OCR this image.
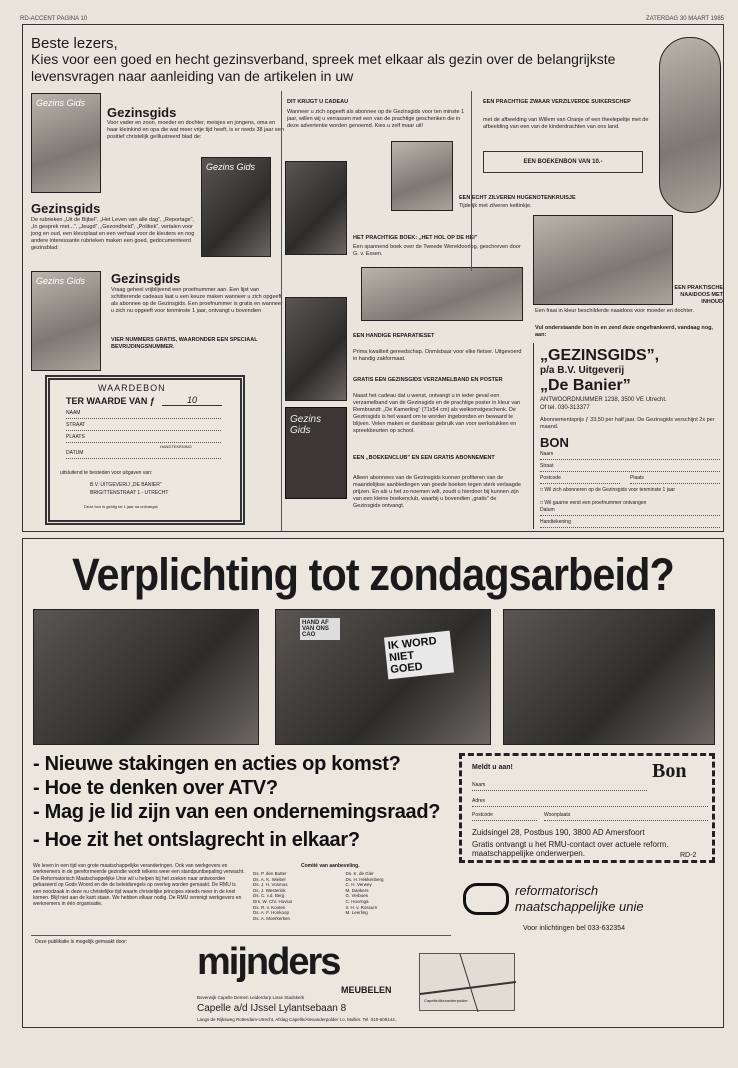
RD-ACCENT PAGINA 10	ZATERDAG 30 MAART 1985
Beste lezers,
Kies voor een goed en hecht gezinsverband, spreek met elkaar als gezin over de belangrijkste
levensvragen naar aanleiding van de artikelen in uw
Gezins Gids
Gezinsgids
Voor vader en zoon, moeder en dochter, meisjes en jongens, oma en haar kleinkind en opa die wat meer vrije tijd heeft, is er reeds 38 jaar een positief christelijk geïllustreerd blad de:
Gezins Gids
Gezinsgids
De rubrieken „Uit de Bijbel”, „Het Leven van alle dag”, „Reportage”, „In gesprek met...”, „Jeugd”, „Gezondheid”, „Politiek”, vertalen voor jong en oud, een kleurplaat en een verhaal voor de kleuters en nog andere interessante rubrieken maken een goed, gedocumenteerd gezinsblad:
Gezins Gids	Gezinsgids
Vraag geheel vrijblijvend een proefnummer aan. Een lijst van schitterende cadeaus laat u een keuze maken wanneer u zich opgeeft als abonnee op de Gezinsgids. Een proefnummer is gratis en wanneer u zich nu opgeeft voor tenminste 1 jaar, ontvangt u bovendien
VIER NUMMERS GRATIS, WAARONDER EEN SPECIAAL BEVRIJDINGSNUMMER.
WAARDEBON
TER WAARDE VAN ƒ	10
NAAM
STRAAT
PLAATS
HANDTEKENING
DATUM
uitsluitend te besteden voor uitgaven van:
B.V. UITGEVERIJ „DE BANIER”
BRIGITTENSTRAAT 1 - UTRECHT
Deze bon is geldig tot 1 jaar na ontvangst
DIT KRIJGT U CADEAU
Wanneer u zich opgeeft als abonnee op de Gezinsgids voor ten minste 1 jaar, willen wij u verrassen met een van de prachtige geschenken die in deze advertentie worden genoemd. Kies u zelf maar uit!
EEN ECHT ZILVEREN HUGENOTENKRUISJE
Tijdelijk met zilveren kettinkje.
HET PRACHTIGE BOEK: „HET HOL OP DE HEI”
Een spannend boek over de Tweede Wereldoorlog, geschreven door G. v. Essen.
EEN HANDIGE REPARATIESET
Prima kwaliteit gereedschap. Onmisbaar voor elke fietser. Uitgevoerd in handig zakformaat.
GRATIS EEN GEZINSGIDS VERZAMELBAND EN POSTER
Naast het cadeau dat u wenst, ontvangt u in ieder geval een verzamelband van de Gezinsgids en de prachtige poster in kleur van Rembrandt: „De Kamerling” (71x54 cm) als welkomstgeschenk. De Gezinsgids is het waard om te worden ingebonden en bewaard te blijven. Velen maken er dankbaar gebruik van voor werkstukken en spreekbeurten op school.
Gezins Gids
EEN „BOEKENCLUB” EN EEN GRATIS ABONNEMENT
Alleen abonnees van de Gezinsgids kunnen profiteren van de maandelijkse aanbiedingen van goede boeken tegen sterk verlaagde prijzen. En als u het zo noemen wilt, zoudt u hierdoor bij kunnen zijn van een kleine boekenclub, waarbij u bovendien „gratis” de Gezinsgids ontvangt.
EEN PRACHTIGE ZWAAR VERZILVERDE SUIKERSCHEP
met de afbeelding van Willem van Oranje of een theelepeltje met de afbeelding van een van de kinderdrachten van ons land.
EEN BOEKENBON VAN 10.-
EEN PRAKTISCHE NAAIDOOS MET INHOUD
Een fraai in kleur beschilderde naaidoos voor moeder en dochter.
Vul onderstaande bon in en zend deze ongefrankeerd, vandaag nog, aan:
„GEZINSGIDS”,
p/a B.V. Uitgeverij
„De Banier”
ANTWOORDNUMMER 1238, 3500 VE Utrecht.
Of tel. 030-313377
Abonnementsprijs ƒ 33,50 per half jaar. De Gezinsgids verschijnt 2x per maand.
BON
Naam
Straat
Postcode	Plaats
□ Wil zich abonneren op de Gezinsgids voor tenminste 1 jaar
□ Wil gaarne eerst een proefnummer ontvangen
Datum
Handtekening
Verplichting tot zondagsarbeid?
HAND AF VAN ONS CAO
IK WORD NIET GOED
- Nieuwe stakingen en acties op komst?
- Hoe te denken over ATV?
- Mag je lid zijn van een ondernemingsraad?
- Hoe zit het ontslagrecht in elkaar?
Meldt u aan!	Bon
Naam
Adres
Postcode	Woonplaats
Zuidsingel 28, Postbus 190, 3800 AD Amersfoort
Gratis ontvangt u het RMU-contact over actuele reform. maatschappelijke onderwerpen.	RD-2
We leven in een tijd van grote maatschappelijke veranderingen. Ook van werkgevers en werknemers in de gereformeerde gezindte wordt telkens weer een standpuntbepaling verwacht. De Reformatorisch Maatschappelijke Unie wil u helpen bij het zoeken naar antwoorden gebaseerd op Gods Woord en die de beleidsregels op overleg worden gemaakt. De RMU is een noodzaak in deze nu christelijke tijd waarin christelijke principes steeds meer in de knel komen. Blijf niet aan de kant staan. We hebben elkaar nodig. De RMU verenigt werkgevers en werknemers in één organisatie.
Comité van aanbeveling.
Ds. P. den Butter
Ds. A. K. Wiebel
Ds. J. H. Vosmos
Ds. J. Westerink
Ds. C. v.d. Berg
Drs. W. Chr. Hovius
Ds. R. v. Kooten
Ds. A. F. Honkoop
Ds. A. Moerkerken
Ds. K. de Gier
Ds. H. Hekkenberg
C. H. Verwey
M. Dankers
G. Verboes
C. Hoornga
Ir. H. v. Rossum
M. Leerling
reformatorisch
maatschappelijke unie
Voor inlichtingen bel 033-632354
Deze publikatie is mogelijk gemaakt door: mijnders
MEUBELEN
Boverwijk Capelle Demen Leiderdorp Lisse Stadskerk
Capelle a/d IJssel Lylantsebaan 8
Langs de Rijksweg Rotterdam-Utrecht, Afslag Capelle/Alexanderpolder t.o. Mullier. Tel. 010-508144.
Capelle/Alexanderpolder
